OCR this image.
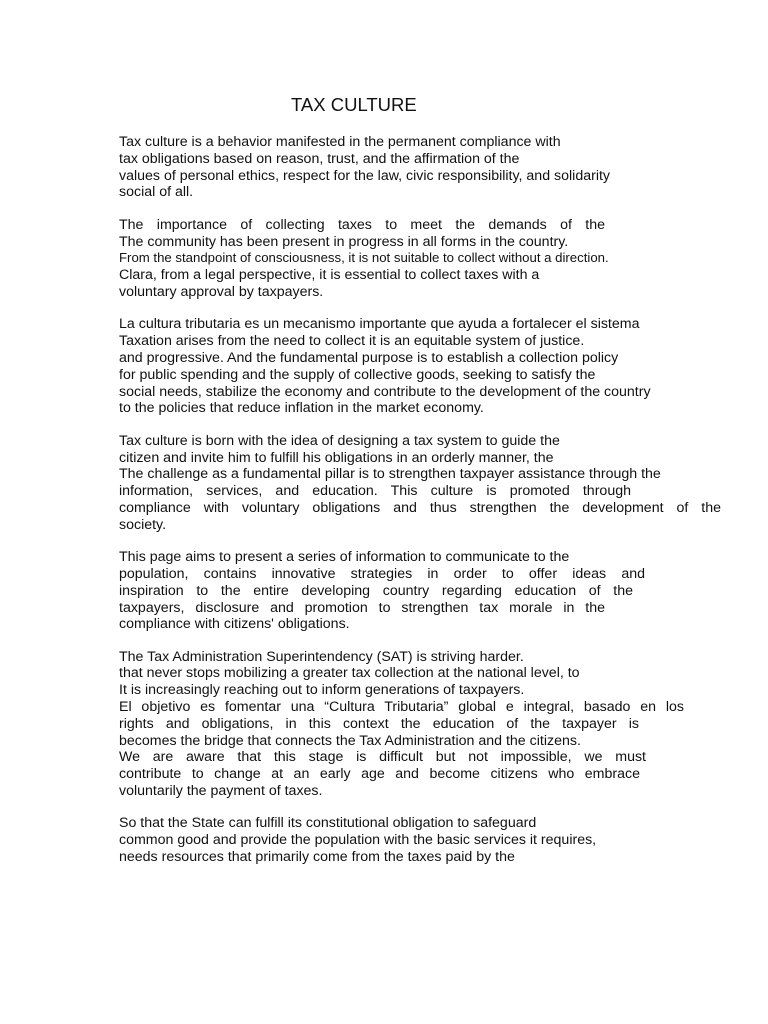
TAX CULTURE

Tax culture is a behavior manifested in the permanent compliance with
tax obligations based on reason, trust, and the affirmation of the
values of personal ethics, respect for the law, civic responsibility, and solidarity
social of all.

The importance of collecting taxes to meet the demands of the
The community has been present in progress in all forms in the country.
From the standpoint of consciousness, it is not suitable to collect without a direction.
Clara, from a legal perspective, it is essential to collect taxes with a
voluntary approval by taxpayers.

La cultura tributaria es un mecanismo importante que ayuda a fortalecer el sistema
Taxation arises from the need to collect it is an equitable system of justice.
and progressive. And the fundamental purpose is to establish a collection policy
for public spending and the supply of collective goods, seeking to satisfy the
social needs, stabilize the economy and contribute to the development of the country
to the policies that reduce inflation in the market economy.

Tax culture is born with the idea of designing a tax system to guide the
citizen and invite him to fulfill his obligations in an orderly manner, the
The challenge as a fundamental pillar is to strengthen taxpayer assistance through the
information, services, and education. This culture is promoted through
compliance with voluntary obligations and thus strengthen the development of the
society.

This page aims to present a series of information to communicate to the
population, contains innovative strategies in order to offer ideas and
inspiration to the entire developing country regarding education of the
taxpayers, disclosure and promotion to strengthen tax morale in the
compliance with citizens' obligations.

The Tax Administration Superintendency (SAT) is striving harder.
that never stops mobilizing a greater tax collection at the national level, to
It is increasingly reaching out to inform generations of taxpayers.
El objetivo es fomentar una “Cultura Tributaria” global e integral, basado en los
rights and obligations, in this context the education of the taxpayer is
becomes the bridge that connects the Tax Administration and the citizens.
We are aware that this stage is difficult but not impossible, we must
contribute to change at an early age and become citizens who embrace
voluntarily the payment of taxes.

So that the State can fulfill its constitutional obligation to safeguard
common good and provide the population with the basic services it requires,
needs resources that primarily come from the taxes paid by the
